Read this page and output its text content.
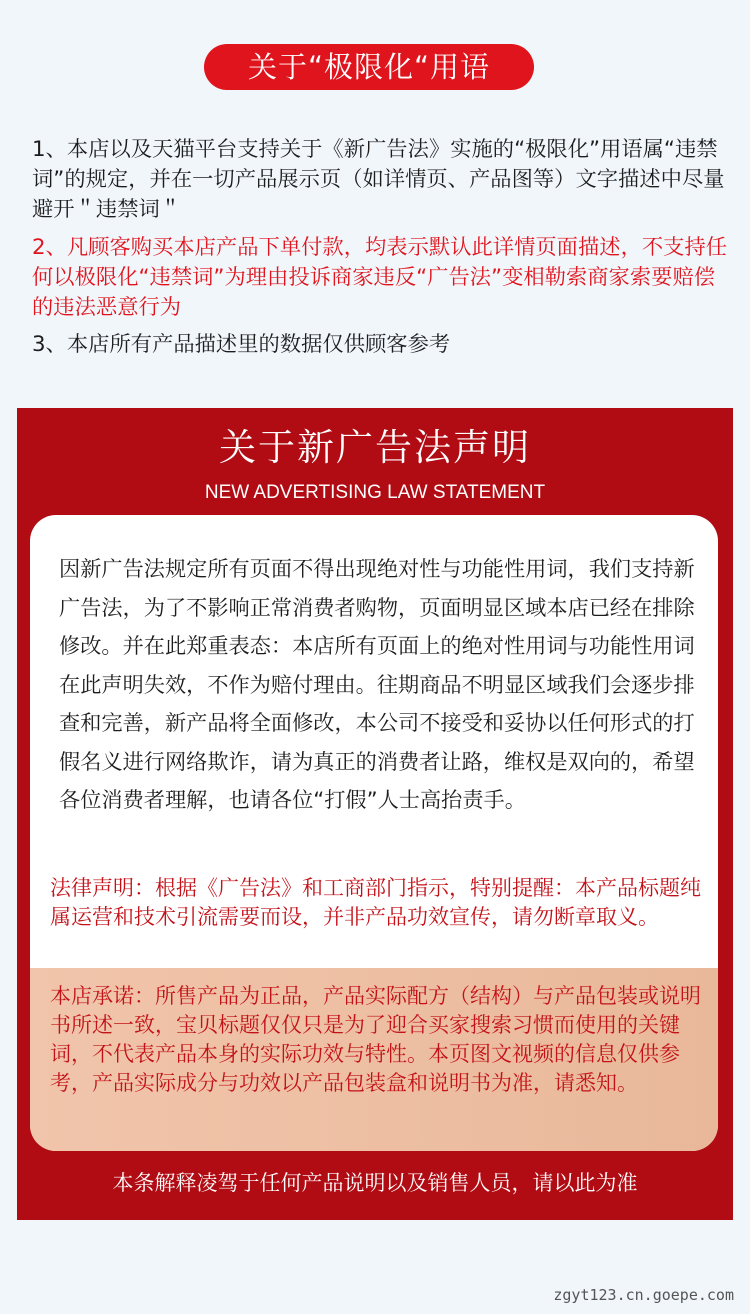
关于“极限化“用语

1、本店以及天猫平台支持关于《新广告法》实施的“极限化”用语属“违禁词”的规定，并在一切产品展示页（如详情页、产品图等）文字描述中尽量避开＂违禁词＂

2、凡顾客购买本店产品下单付款，均表示默认此详情页面描述，不支持任何以极限化“违禁词”为理由投诉商家违反“广告法”变相勒索商家索要赔偿的违法恶意行为

3、本店所有产品描述里的数据仅供顾客参考

关于新广告法声明
NEW ADVERTISING LAW STATEMENT

因新广告法规定所有页面不得出现绝对性与功能性用词，我们支持新广告法，为了不影响正常消费者购物，页面明显区域本店已经在排除修改。并在此郑重表态：本店所有页面上的绝对性用词与功能性用词在此声明失效，不作为赔付理由。往期商品不明显区域我们会逐步排查和完善，新产品将全面修改，本公司不接受和妥协以任何形式的打假名义进行网络欺诈，请为真正的消费者让路，维权是双向的，希望各位消费者理解，也请各位“打假”人士高抬责手。

法律声明：根据《广告法》和工商部门指示，特别提醒：本产品标题纯属运营和技术引流需要而设，并非产品功效宣传，请勿断章取义。

本店承诺：所售产品为正品，产品实际配方（结构）与产品包装或说明书所述一致，宝贝标题仅仅只是为了迎合买家搜索习惯而使用的关键词，不代表产品本身的实际功效与特性。本页图文视频的信息仅供参考，产品实际成分与功效以产品包装盒和说明书为准，请悉知。

本条解释凌驾于任何产品说明以及销售人员，请以此为准
zgyt123.cn.goepe.com
